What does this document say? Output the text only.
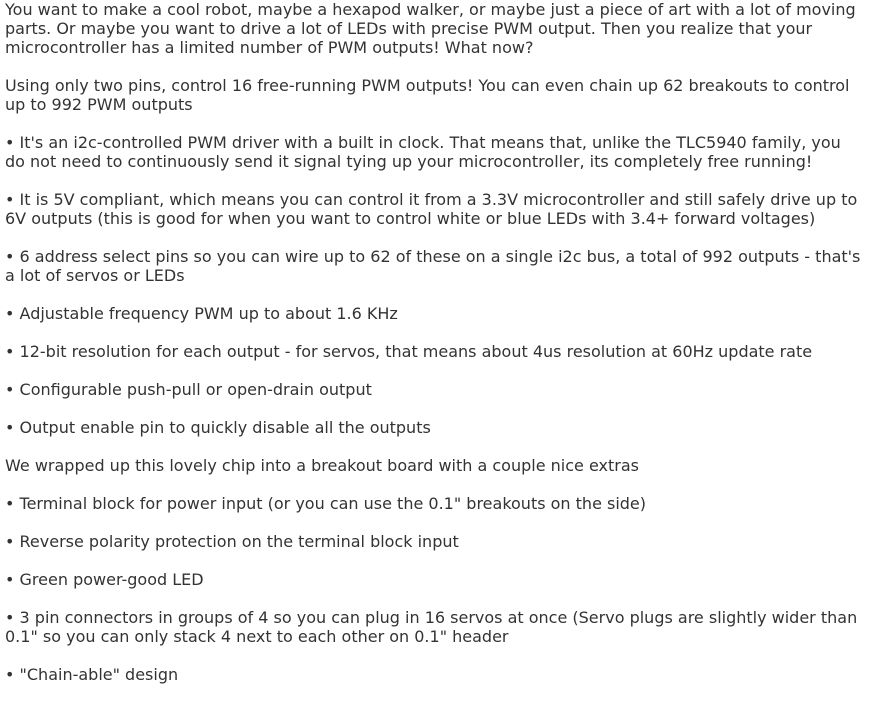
You want to make a cool robot, maybe a hexapod walker, or maybe just a piece of art with a lot of moving
parts. Or maybe you want to drive a lot of LEDs with precise PWM output. Then you realize that your
microcontroller has a limited number of PWM outputs! What now?
Using only two pins, control 16 free-running PWM outputs! You can even chain up 62 breakouts to control
up to 992 PWM outputs
• It's an i2c-controlled PWM driver with a built in clock. That means that, unlike the TLC5940 family, you
do not need to continuously send it signal tying up your microcontroller, its completely free running!
• It is 5V compliant, which means you can control it from a 3.3V microcontroller and still safely drive up to
6V outputs (this is good for when you want to control white or blue LEDs with 3.4+ forward voltages)
• 6 address select pins so you can wire up to 62 of these on a single i2c bus, a total of 992 outputs - that's
a lot of servos or LEDs
• Adjustable frequency PWM up to about 1.6 KHz
• 12-bit resolution for each output - for servos, that means about 4us resolution at 60Hz update rate
• Configurable push-pull or open-drain output
• Output enable pin to quickly disable all the outputs
We wrapped up this lovely chip into a breakout board with a couple nice extras
• Terminal block for power input (or you can use the 0.1" breakouts on the side)
• Reverse polarity protection on the terminal block input
• Green power-good LED
• 3 pin connectors in groups of 4 so you can plug in 16 servos at once (Servo plugs are slightly wider than
0.1" so you can only stack 4 next to each other on 0.1" header
• "Chain-able" design
